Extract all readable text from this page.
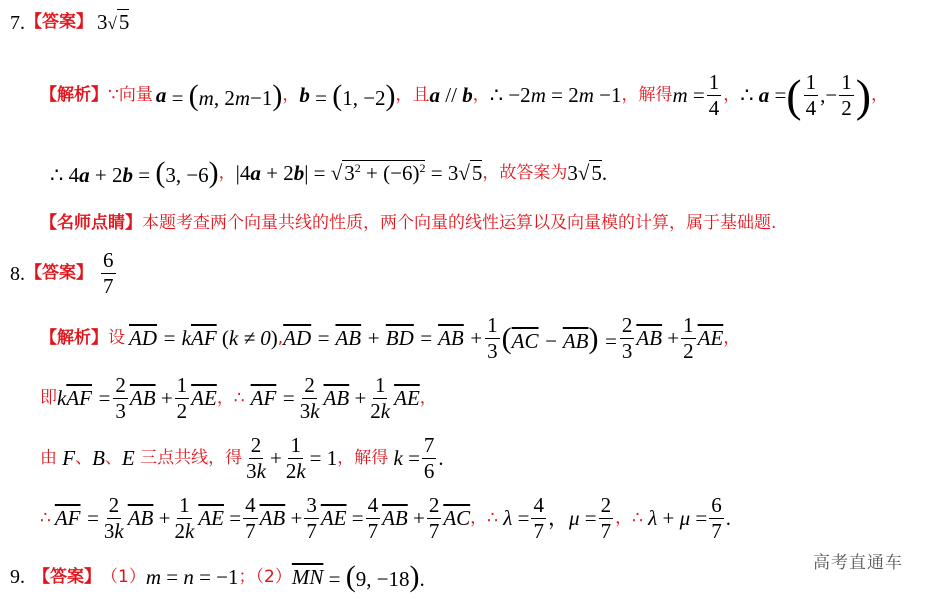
7. 【答案】 3√5
【解析】 ∵向量 a = (m, 2m−1) ， b = (1, −2) ，且 a // b ， ∴ −2m = 2m −1 ，解得 $m = \frac{1}{4}$ ， ∴
a = ( $\frac{1}{4}$ ,− $\frac{1}{2}$ ) ，
∴ 4a + 2b = (3, −6) ， $|4a + 2b| = √3^2 + (-6)^2 = 3√5$ ，故答案为 3√5.
【名师点睛】 本题考查两个向量共线的性质，两个向量的线性运算以及向量模的计算，属于基础题.
8. 【答案】 $\frac{6}{7}$
【解析】 设 $\overline{AD} = k\overline{AF}$ (k ≠ 0) , $\overline{AD} = \overline{AB} + \overline{BD} = \overline{AB} + \frac{1}{3} (\overline{AC} - \overline{AB}) = \frac{2}{3} \overline{AB} + \frac{1}{2} \overline{AE}$ ，
即 $k\overline{AF} = \frac{2}{3} \overline{AB} + \frac{1}{2} \overline{AE}$ ，∴ $\overline{AF} = \frac{2}{3k} \overline{AB} + \frac{1}{2k} \overline{AE}$ ，
由 F 、 B 、 E 三点共线，得 $\frac{2}{3k} + \frac{1}{2k} = 1$ ，解得 $k = \frac{7}{6}$ .
∴ $\overline{AF} = \frac{2}{3k} \overline{AB} + \frac{1}{2k} \overline{AE} = \frac{4}{7} \overline{AB} + \frac{3}{7} \overline{AE} = \frac{4}{7} \overline{AB} + \frac{2}{7} \overline{AC}$ ，∴ $\lambda = \frac{4}{7}$ ， $\mu = \frac{2}{7}$ ，∴ $\lambda + \mu = \frac{6}{7}$ .
9. 【答案】 （1） m = n = −1 ；（2） $\overline{MN} = (9$, −18).
高考直通车
